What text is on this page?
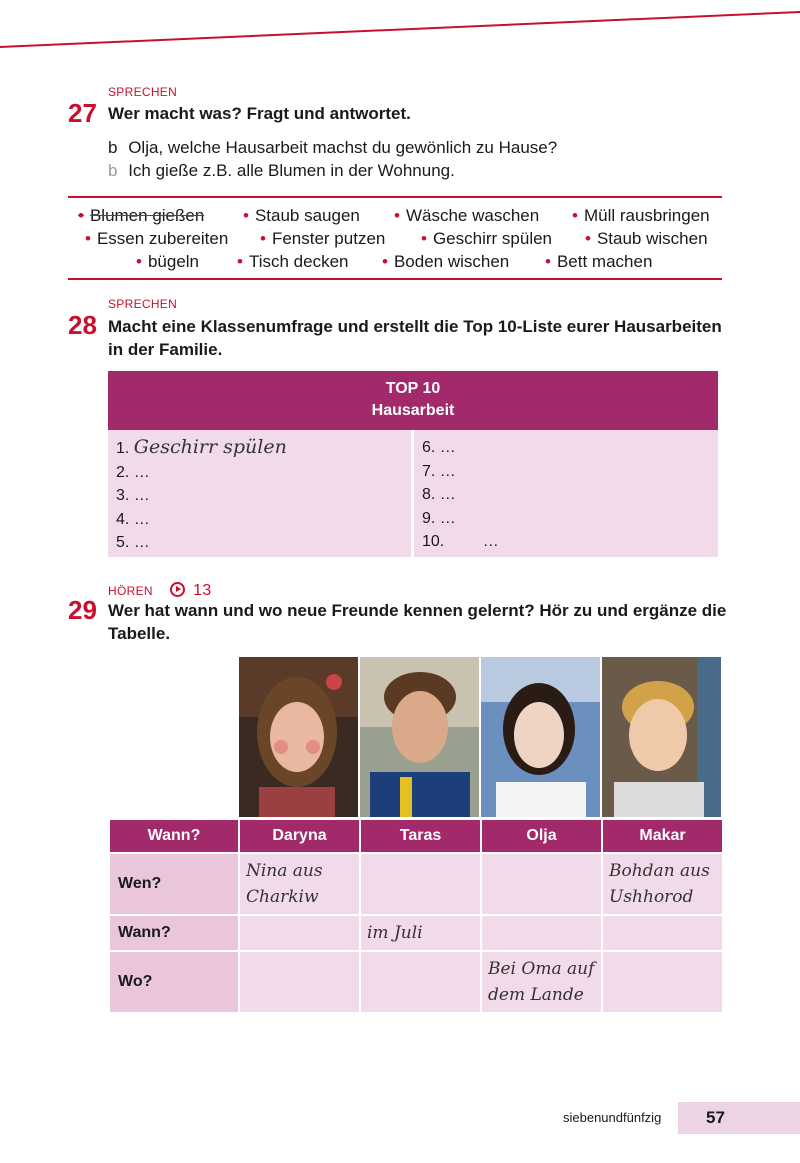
SPRECHEN
27 Wer macht was? Fragt und antwortet.
b Olja, welche Hausarbeit machst du gewönlich zu Hause?
b Ich gieße z.B. alle Blumen in der Wohnung.
• Blumen gießen • Staub saugen • Wäsche waschen • Müll rausbringen
• Essen zubereiten • Fenster putzen • Geschirr spülen • Staub wischen
• bügeln • Tisch decken • Boden wischen • Bett machen
SPRECHEN
28 Macht eine Klassenumfrage und erstellt die Top 10-Liste eurer Hausarbeiten
in der Familie.
TOP 10
Hausarbeit
1. Geschirr spülen
2. …
3. …
4. …
5. …
6. …
7. …
8. …
9. …
10. …
HÖREN	13
29 Wer hat wann und wo neue Freunde kennen gelernt? Hör zu und ergänze die
Tabelle.
Wann?	Daryna	Taras	Olja	Makar
Wen?	Nina aus
Charkiw			Bohdan aus
Ushhorod
Wann?		im Juli		
Wo?			Bei Oma auf
dem Lande	
siebenundfünfzig	57
